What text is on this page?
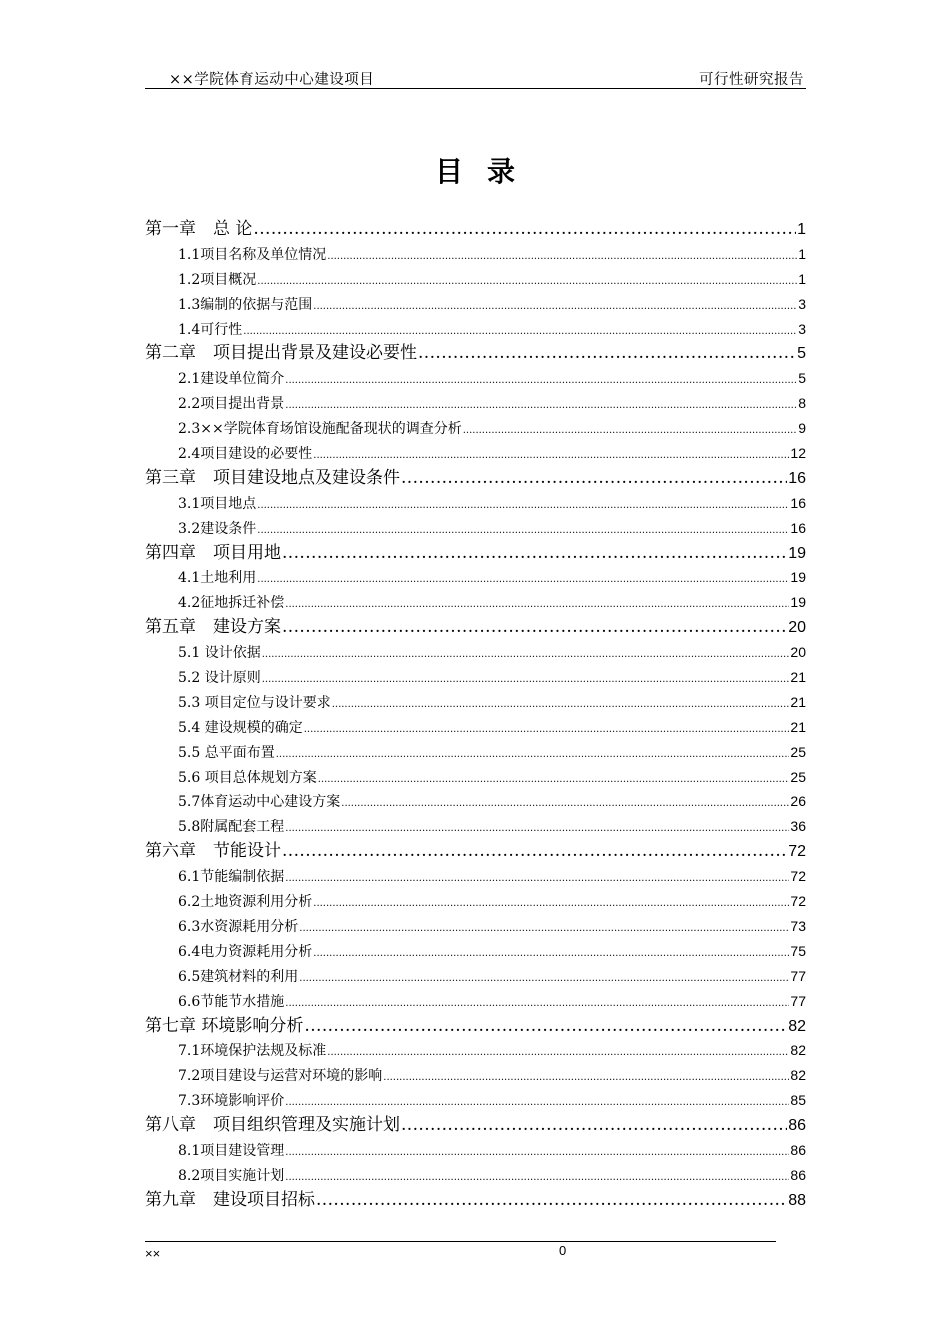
××学院体育运动中心建设项目	可行性研究报告
目录
第一章　总 论 .....	1
1.1项目名称及单位情况 .....	1
1.2项目概况 .....	1
1.3编制的依据与范围 .....	3
1.4可行性 .....	3
第二章　项目提出背景及建设必要性 .....	5
2.1建设单位简介 .....	5
2.2项目提出背景 .....	8
2.3××学院体育场馆设施配备现状的调查分析 .....	9
2.4项目建设的必要性 .....	12
第三章　项目建设地点及建设条件 .....	16
3.1项目地点 .....	16
3.2建设条件 .....	16
第四章　项目用地 .....	19
4.1土地利用 .....	19
4.2征地拆迁补偿 .....	19
第五章　建设方案 .....	20
5.1 设计依据 .....	20
5.2 设计原则 .....	21
5.3 项目定位与设计要求 .....	21
5.4 建设规模的确定 .....	21
5.5 总平面布置 .....	25
5.6 项目总体规划方案 .....	25
5.7体育运动中心建设方案 .....	26
5.8附属配套工程 .....	36
第六章　节能设计 .....	72
6.1节能编制依据 .....	72
6.2土地资源利用分析 .....	72
6.3水资源耗用分析 .....	73
6.4电力资源耗用分析 .....	75
6.5建筑材料的利用 .....	77
6.6节能节水措施 .....	77
第七章 环境影响分析 .....	82
7.1环境保护法规及标准 .....	82
7.2项目建设与运营对环境的影响 .....	82
7.3环境影响评价 .....	85
第八章　项目组织管理及实施计划 .....	86
8.1项目建设管理 .....	86
8.2项目实施计划 .....	86
第九章　建设项目招标 .....	88
××	0
